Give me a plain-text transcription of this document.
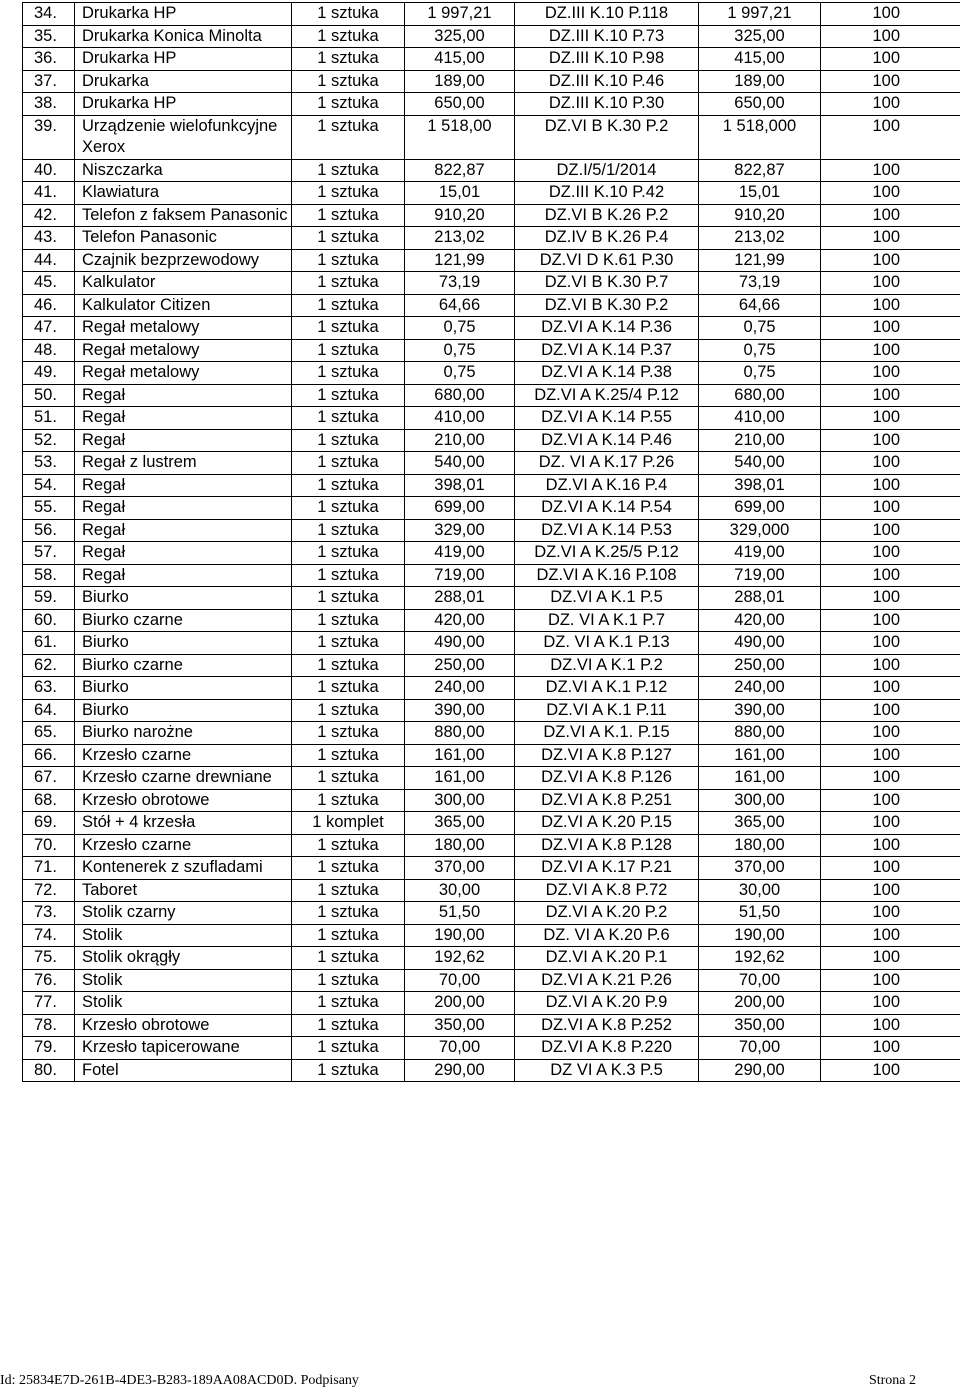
34.	Drukarka HP	1 sztuka	1 997,21	DZ.III K.10 P.118	1 997,21	100
35.	Drukarka Konica Minolta	1 sztuka	325,00	DZ.III K.10 P.73	325,00	100
36.	Drukarka HP	1 sztuka	415,00	DZ.III K.10 P.98	415,00	100
37.	Drukarka	1 sztuka	189,00	DZ.III K.10 P.46	189,00	100
38.	Drukarka HP	1 sztuka	650,00	DZ.III K.10 P.30	650,00	100
39.	Urządzenie wielofunkcyjne Xerox	1 sztuka	1 518,00	DZ.VI B K.30 P.2	1 518,000	100
40.	Niszczarka	1 sztuka	822,87	DZ.I/5/1/2014	822,87	100
41.	Klawiatura	1 sztuka	15,01	DZ.III K.10 P.42	15,01	100
42.	Telefon z faksem Panasonic	1 sztuka	910,20	DZ.VI B K.26 P.2	910,20	100
43.	Telefon Panasonic	1 sztuka	213,02	DZ.IV B K.26 P.4	213,02	100
44.	Czajnik bezprzewodowy	1 sztuka	121,99	DZ.VI D K.61 P.30	121,99	100
45.	Kalkulator	1 sztuka	73,19	DZ.VI B K.30 P.7	73,19	100
46.	Kalkulator Citizen	1 sztuka	64,66	DZ.VI B K.30 P.2	64,66	100
47.	Regał metalowy	1 sztuka	0,75	DZ.VI A K.14 P.36	0,75	100
48.	Regał metalowy	1 sztuka	0,75	DZ.VI A K.14 P.37	0,75	100
49.	Regał metalowy	1 sztuka	0,75	DZ.VI A K.14 P.38	0,75	100
50.	Regał	1 sztuka	680,00	DZ.VI A K.25/4 P.12	680,00	100
51.	Regał	1 sztuka	410,00	DZ.VI A K.14 P.55	410,00	100
52.	Regał	1 sztuka	210,00	DZ.VI A K.14 P.46	210,00	100
53.	Regał z lustrem	1 sztuka	540,00	DZ. VI A K.17 P.26	540,00	100
54.	Regał	1 sztuka	398,01	DZ.VI A K.16 P.4	398,01	100
55.	Regał	1 sztuka	699,00	DZ.VI A K.14 P.54	699,00	100
56.	Regał	1 sztuka	329,00	DZ.VI A K.14 P.53	329,000	100
57.	Regał	1 sztuka	419,00	DZ.VI A K.25/5 P.12	419,00	100
58.	Regał	1 sztuka	719,00	DZ.VI A K.16 P.108	719,00	100
59.	Biurko	1 sztuka	288,01	DZ.VI A K.1 P.5	288,01	100
60.	Biurko czarne	1 sztuka	420,00	DZ. VI A K.1 P.7	420,00	100
61.	Biurko	1 sztuka	490,00	DZ. VI A K.1 P.13	490,00	100
62.	Biurko czarne	1 sztuka	250,00	DZ.VI A K.1 P.2	250,00	100
63.	Biurko	1 sztuka	240,00	DZ.VI A K.1 P.12	240,00	100
64.	Biurko	1 sztuka	390,00	DZ.VI A K.1 P.11	390,00	100
65.	Biurko narożne	1 sztuka	880,00	DZ.VI A K.1. P.15	880,00	100
66.	Krzesło czarne	1 sztuka	161,00	DZ.VI A K.8 P.127	161,00	100
67.	Krzesło czarne drewniane	1 sztuka	161,00	DZ.VI A K.8 P.126	161,00	100
68.	Krzesło obrotowe	1 sztuka	300,00	DZ.VI A K.8 P.251	300,00	100
69.	Stół + 4 krzesła	1 komplet	365,00	DZ.VI A K.20 P.15	365,00	100
70.	Krzesło czarne	1 sztuka	180,00	DZ.VI A K.8 P.128	180,00	100
71.	Kontenerek z szufladami	1 sztuka	370,00	DZ.VI A K.17 P.21	370,00	100
72.	Taboret	1 sztuka	30,00	DZ.VI A K.8 P.72	30,00	100
73.	Stolik czarny	1 sztuka	51,50	DZ.VI A K.20 P.2	51,50	100
74.	Stolik	1 sztuka	190,00	DZ. VI A K.20 P.6	190,00	100
75.	Stolik okrągły	1 sztuka	192,62	DZ.VI A K.20 P.1	192,62	100
76.	Stolik	1 sztuka	70,00	DZ.VI A K.21 P.26	70,00	100
77.	Stolik	1 sztuka	200,00	DZ.VI A K.20 P.9	200,00	100
78.	Krzesło obrotowe	1 sztuka	350,00	DZ.VI A K.8 P.252	350,00	100
79.	Krzesło tapicerowane	1 sztuka	70,00	DZ.VI A K.8 P.220	70,00	100
80.	Fotel	1 sztuka	290,00	DZ VI A K.3 P.5	290,00	100
Id: 25834E7D-261B-4DE3-B283-189AA08ACD0D. Podpisany	Strona 2
